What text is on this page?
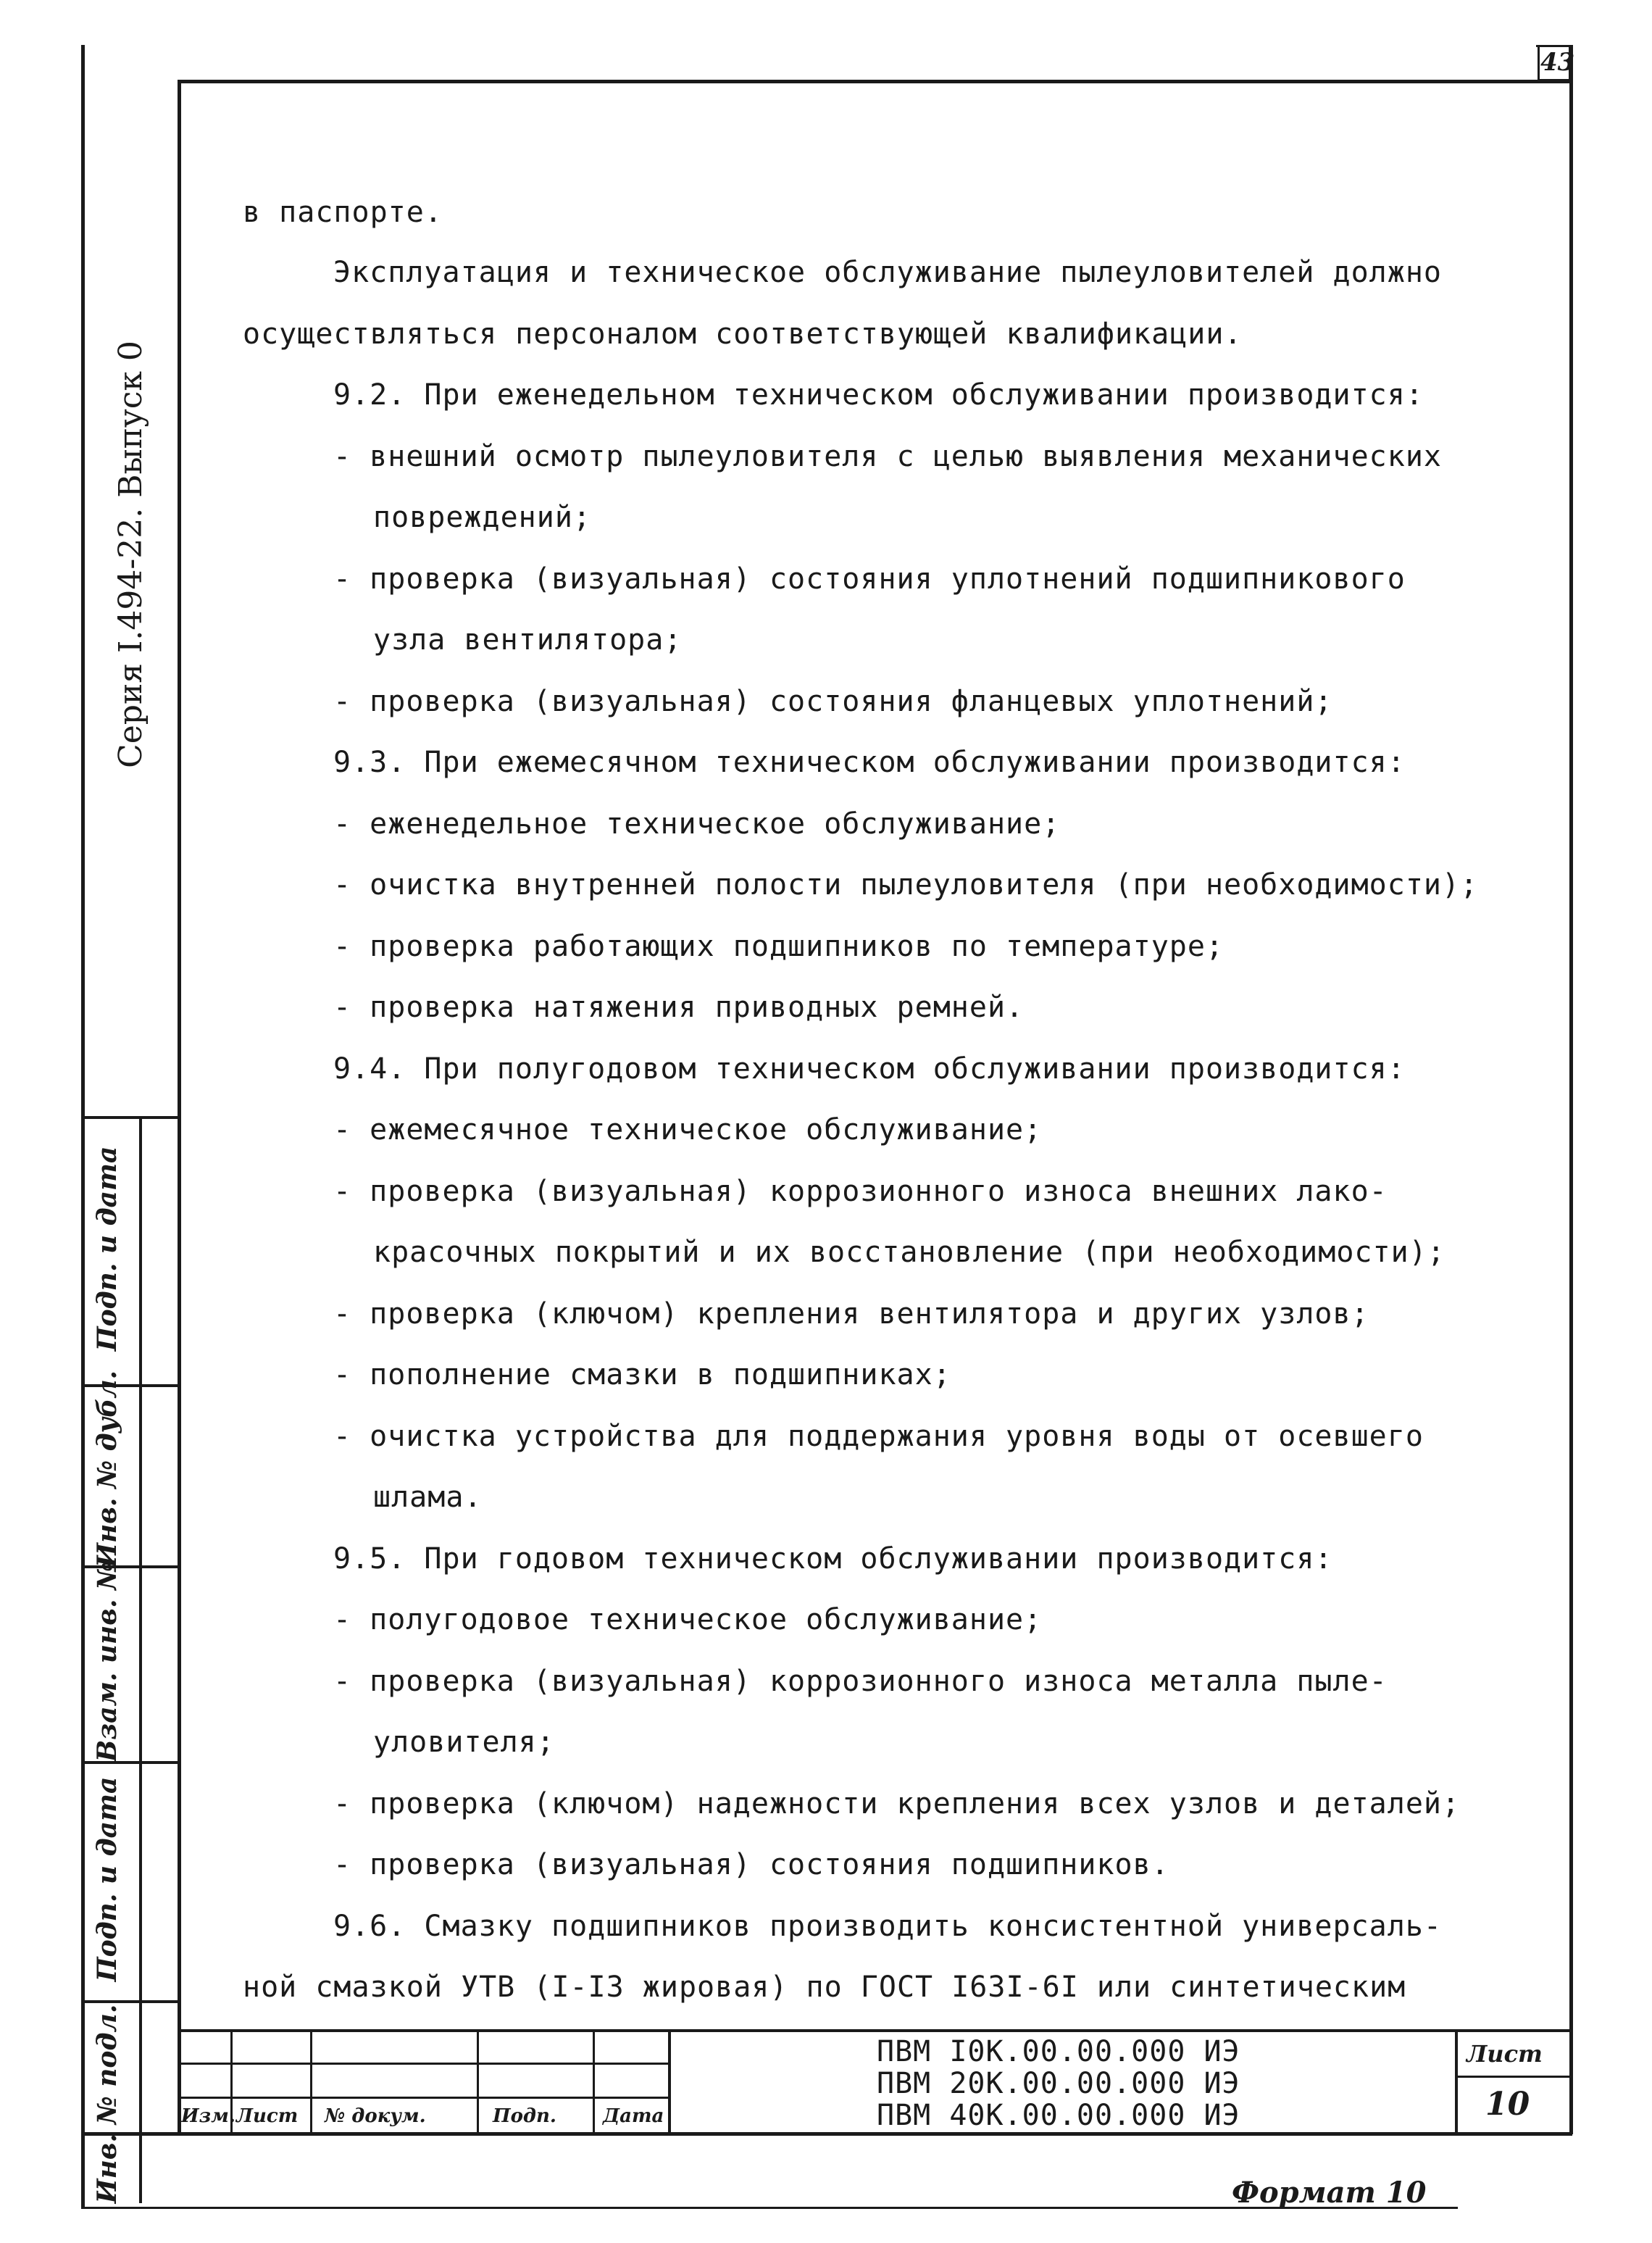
43
Серия I.494-22. Выпуск 0
Подп. и дата
Инв. № дубл.
Взам. инв. №
Подп. и дата
Инв. № подл.
в паспорте.
Эксплуатация и техническое обслуживание пылеуловителей должно
осуществляться персоналом соответствующей квалификации.
9.2. При еженедельном техническом обслуживании производится:
- внешний осмотр пылеуловителя с целью выявления механических
повреждений;
- проверка (визуальная) состояния уплотнений подшипникового
узла вентилятора;
- проверка (визуальная) состояния фланцевых уплотнений;
9.3. При ежемесячном техническом обслуживании производится:
- еженедельное техническое обслуживание;
- очистка внутренней полости пылеуловителя (при необходимости);
- проверка работающих подшипников по температуре;
- проверка натяжения приводных ремней.
9.4. При полугодовом техническом обслуживании производится:
- ежемесячное техническое обслуживание;
- проверка (визуальная) коррозионного износа внешних лако-
красочных покрытий и их восстановление (при необходимости);
- проверка (ключом) крепления вентилятора и других узлов;
- пополнение смазки в подшипниках;
- очистка устройства для поддержания уровня воды от осевшего
шлама.
9.5. При годовом техническом обслуживании производится:
- полугодовое техническое обслуживание;
- проверка (визуальная) коррозионного износа металла пыле-
уловителя;
- проверка (ключом) надежности крепления всех узлов и деталей;
- проверка (визуальная) состояния подшипников.
9.6. Смазку подшипников производить консистентной универсаль-
ной смазкой УТВ (I-I3 жировая) по ГОСТ I63I-6I или синтетическим
Изм. Лист № докум.	Подп. Дата
ПВМ I0К.00.00.000 ИЭ
ПВМ 20К.00.00.000 ИЭ
ПВМ 40К.00.00.000 ИЭ
Лист
10
Формат 10
